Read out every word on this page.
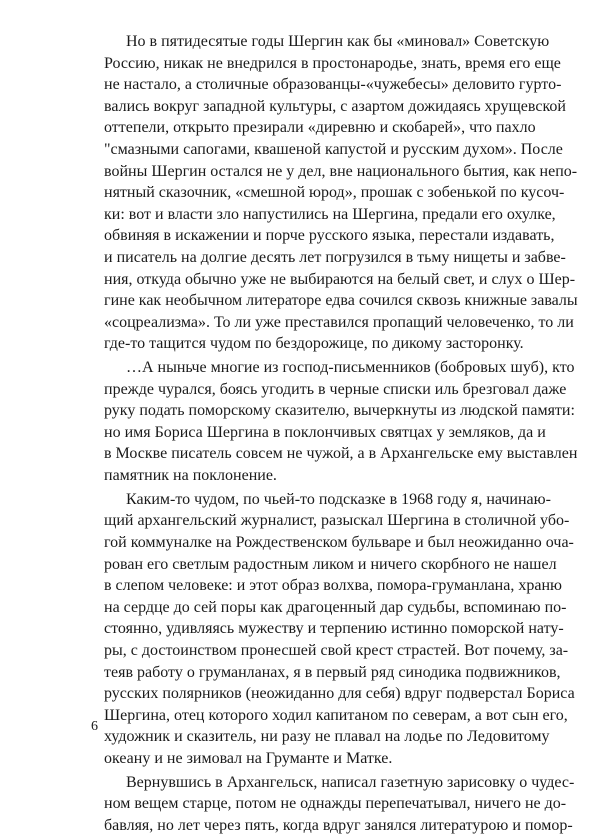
Но в пятидесятые годы Шергин как бы «миновал» Советскую
Россию, никак не внедрился в простонародье, знать, время его еще
не настало, а столичные образованцы-«чужебесы» деловито гурто-
вались вокруг западной культуры, с азартом дожидаясь хрущевской
оттепели, открыто презирали «диревню и скобарей», что пахло
"смазными сапогами, квашеной капустой и русским духом». После
войны Шергин остался не у дел, вне национального бытия, как непо-
нятный сказочник, «смешной юрод», прошак с зобенькой по кусоч-
ки: вот и власти зло напустились на Шергина, предали его охулке,
обвиняя в искажении и порче русского языка, перестали издавать,
и писатель на долгие десять лет погрузился в тьму нищеты и забве-
ния, откуда обычно уже не выбираются на белый свет, и слух о Шер-
гине как необычном литераторе едва сочился сквозь книжные завалы
«соцреализма». То ли уже преставился пропащий человеченко, то ли
где-то тащится чудом по бездорожице, по дикому засторонку.
…А ныньче многие из господ-письменников (бобровых шуб), кто
прежде чурался, боясь угодить в черные списки иль брезговал даже
руку подать поморскому сказителю, вычеркнуты из людской памяти:
но имя Бориса Шергина в поклончивых святцах у земляков, да и
в Москве писатель совсем не чужой, а в Архангельске ему выставлен
памятник на поклонение.
Каким-то чудом, по чьей-то подсказке в 1968 году я, начинаю-
щий архангельский журналист, разыскал Шергина в столичной убо-
гой коммуналке на Рождественском бульваре и был неожиданно оча-
рован его светлым радостным ликом и ничего скорбного не нашел
в слепом человеке: и этот образ волхва, помора-груманлана, храню
на сердце до сей поры как драгоценный дар судьбы, вспоминаю по-
стоянно, удивляясь мужеству и терпению истинно поморской нату-
ры, с достоинством пронесшей свой крест страстей. Вот почему, за-
теяв работу о груманланах, я в первый ряд синодика подвижников,
русских полярников (неожиданно для себя) вдруг подверстал Бориса
Шергина, отец которого ходил капитаном по северам, а вот сын его,
художник и сказитель, ни разу не плавал на лодье по Ледовитому
океану и не зимовал на Груманте и Матке.
Вернувшись в Архангельск, написал газетную зарисовку о чудес-
ном вещем старце, потом не однажды перепечатывал, ничего не до-
бавляя, но лет через пять, когда вдруг занялся литературою и помор-
6
